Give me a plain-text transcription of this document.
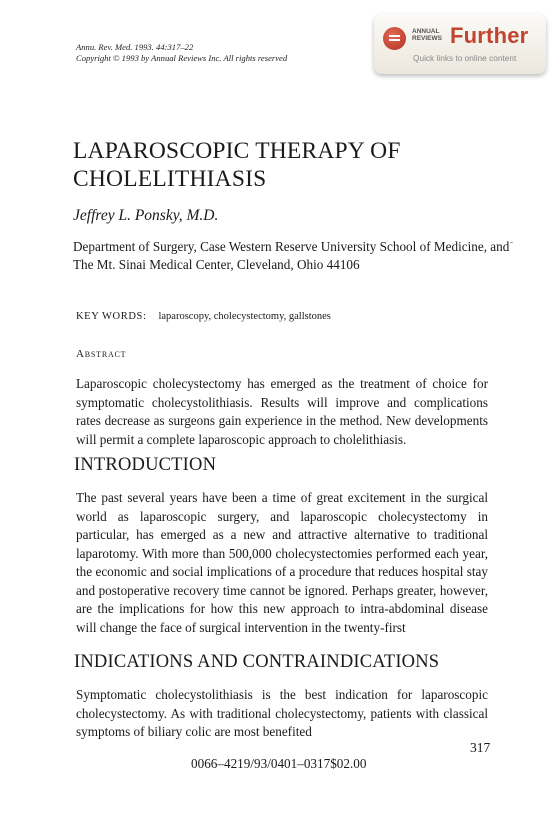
Annu. Rev. Med. 1993. 44:317–22
Copyright © 1993 by Annual Reviews Inc. All rights reserved
ANNUAL REVIEWS Further
Quick links to online content
LAPAROSCOPIC THERAPY OF CHOLELITHIASIS
Jeffrey L. Ponsky, M.D.
Department of Surgery, Case Western Reserve University School of Medicine, and The Mt. Sinai Medical Center, Cleveland, Ohio 44106
ˉ
KEY WORDS: laparoscopy, cholecystectomy, gallstones
Abstract
Laparoscopic cholecystectomy has emerged as the treatment of choice for symptomatic cholecystolithiasis. Results will improve and complications rates decrease as surgeons gain experience in the method. New developments will permit a complete laparoscopic approach to cholelithiasis.
INTRODUCTION
The past several years have been a time of great excitement in the surgical world as laparoscopic surgery, and laparoscopic cholecystectomy in particular, has emerged as a new and attractive alternative to traditional laparotomy. With more than 500,000 cholecystectomies performed each year, the economic and social implications of a procedure that reduces hospital stay and postoperative recovery time cannot be ignored. Perhaps greater, however, are the implications for how this new approach to intra-abdominal disease will change the face of surgical intervention in the twenty-first
INDICATIONS AND CONTRAINDICATIONS
Symptomatic cholecystolithiasis is the best indication for laparoscopic cholecystectomy. As with traditional cholecystectomy, patients with classical symptoms of biliary colic are most benefited
317
0066–4219/93/0401–0317$02.00
